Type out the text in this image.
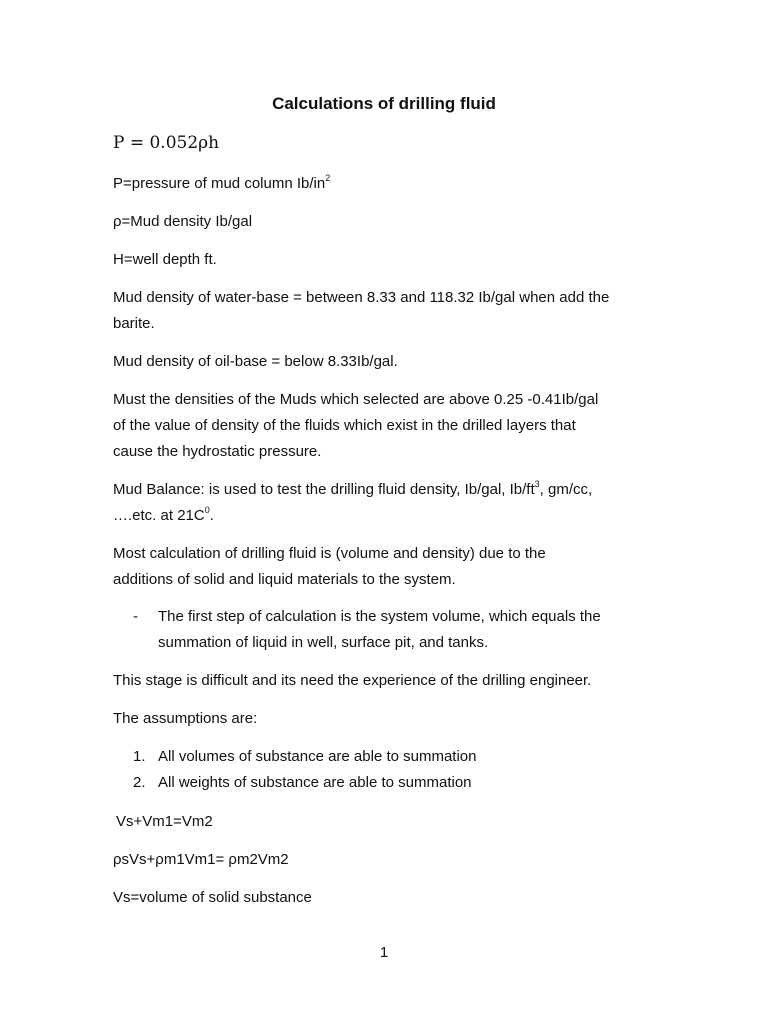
Calculations of drilling fluid
P = 0.052ρh
P=pressure of mud column $Ib/in^2$
ρ=Mud density Ib/gal
H=well depth ft.
Mud density of water-base = between 8.33 and 118.32 Ib/gal when add the
barite.
Mud density of oil-base = below 8.33Ib/gal.
Must the densities of the Muds which selected are above 0.25 -0.41Ib/gal
of the value of density of the fluids which exist in the drilled layers that
cause the hydrostatic pressure.
Mud Balance: is used to test the drilling fluid density, Ib/gal, $Ib/ft^3$, gm/cc,
….etc. at $21C^0$.
Most calculation of drilling fluid is (volume and density) due to the
additions of solid and liquid materials to the system.
- The first step of calculation is the system volume, which equals the
summation of liquid in well, surface pit, and tanks.
This stage is difficult and its need the experience of the drilling engineer.
The assumptions are:
1. All volumes of substance are able to summation
2. All weights of substance are able to summation
Vs+Vm1=Vm2
ρsVs+ρm1Vm1= ρm2Vm2
Vs=volume of solid substance
1
